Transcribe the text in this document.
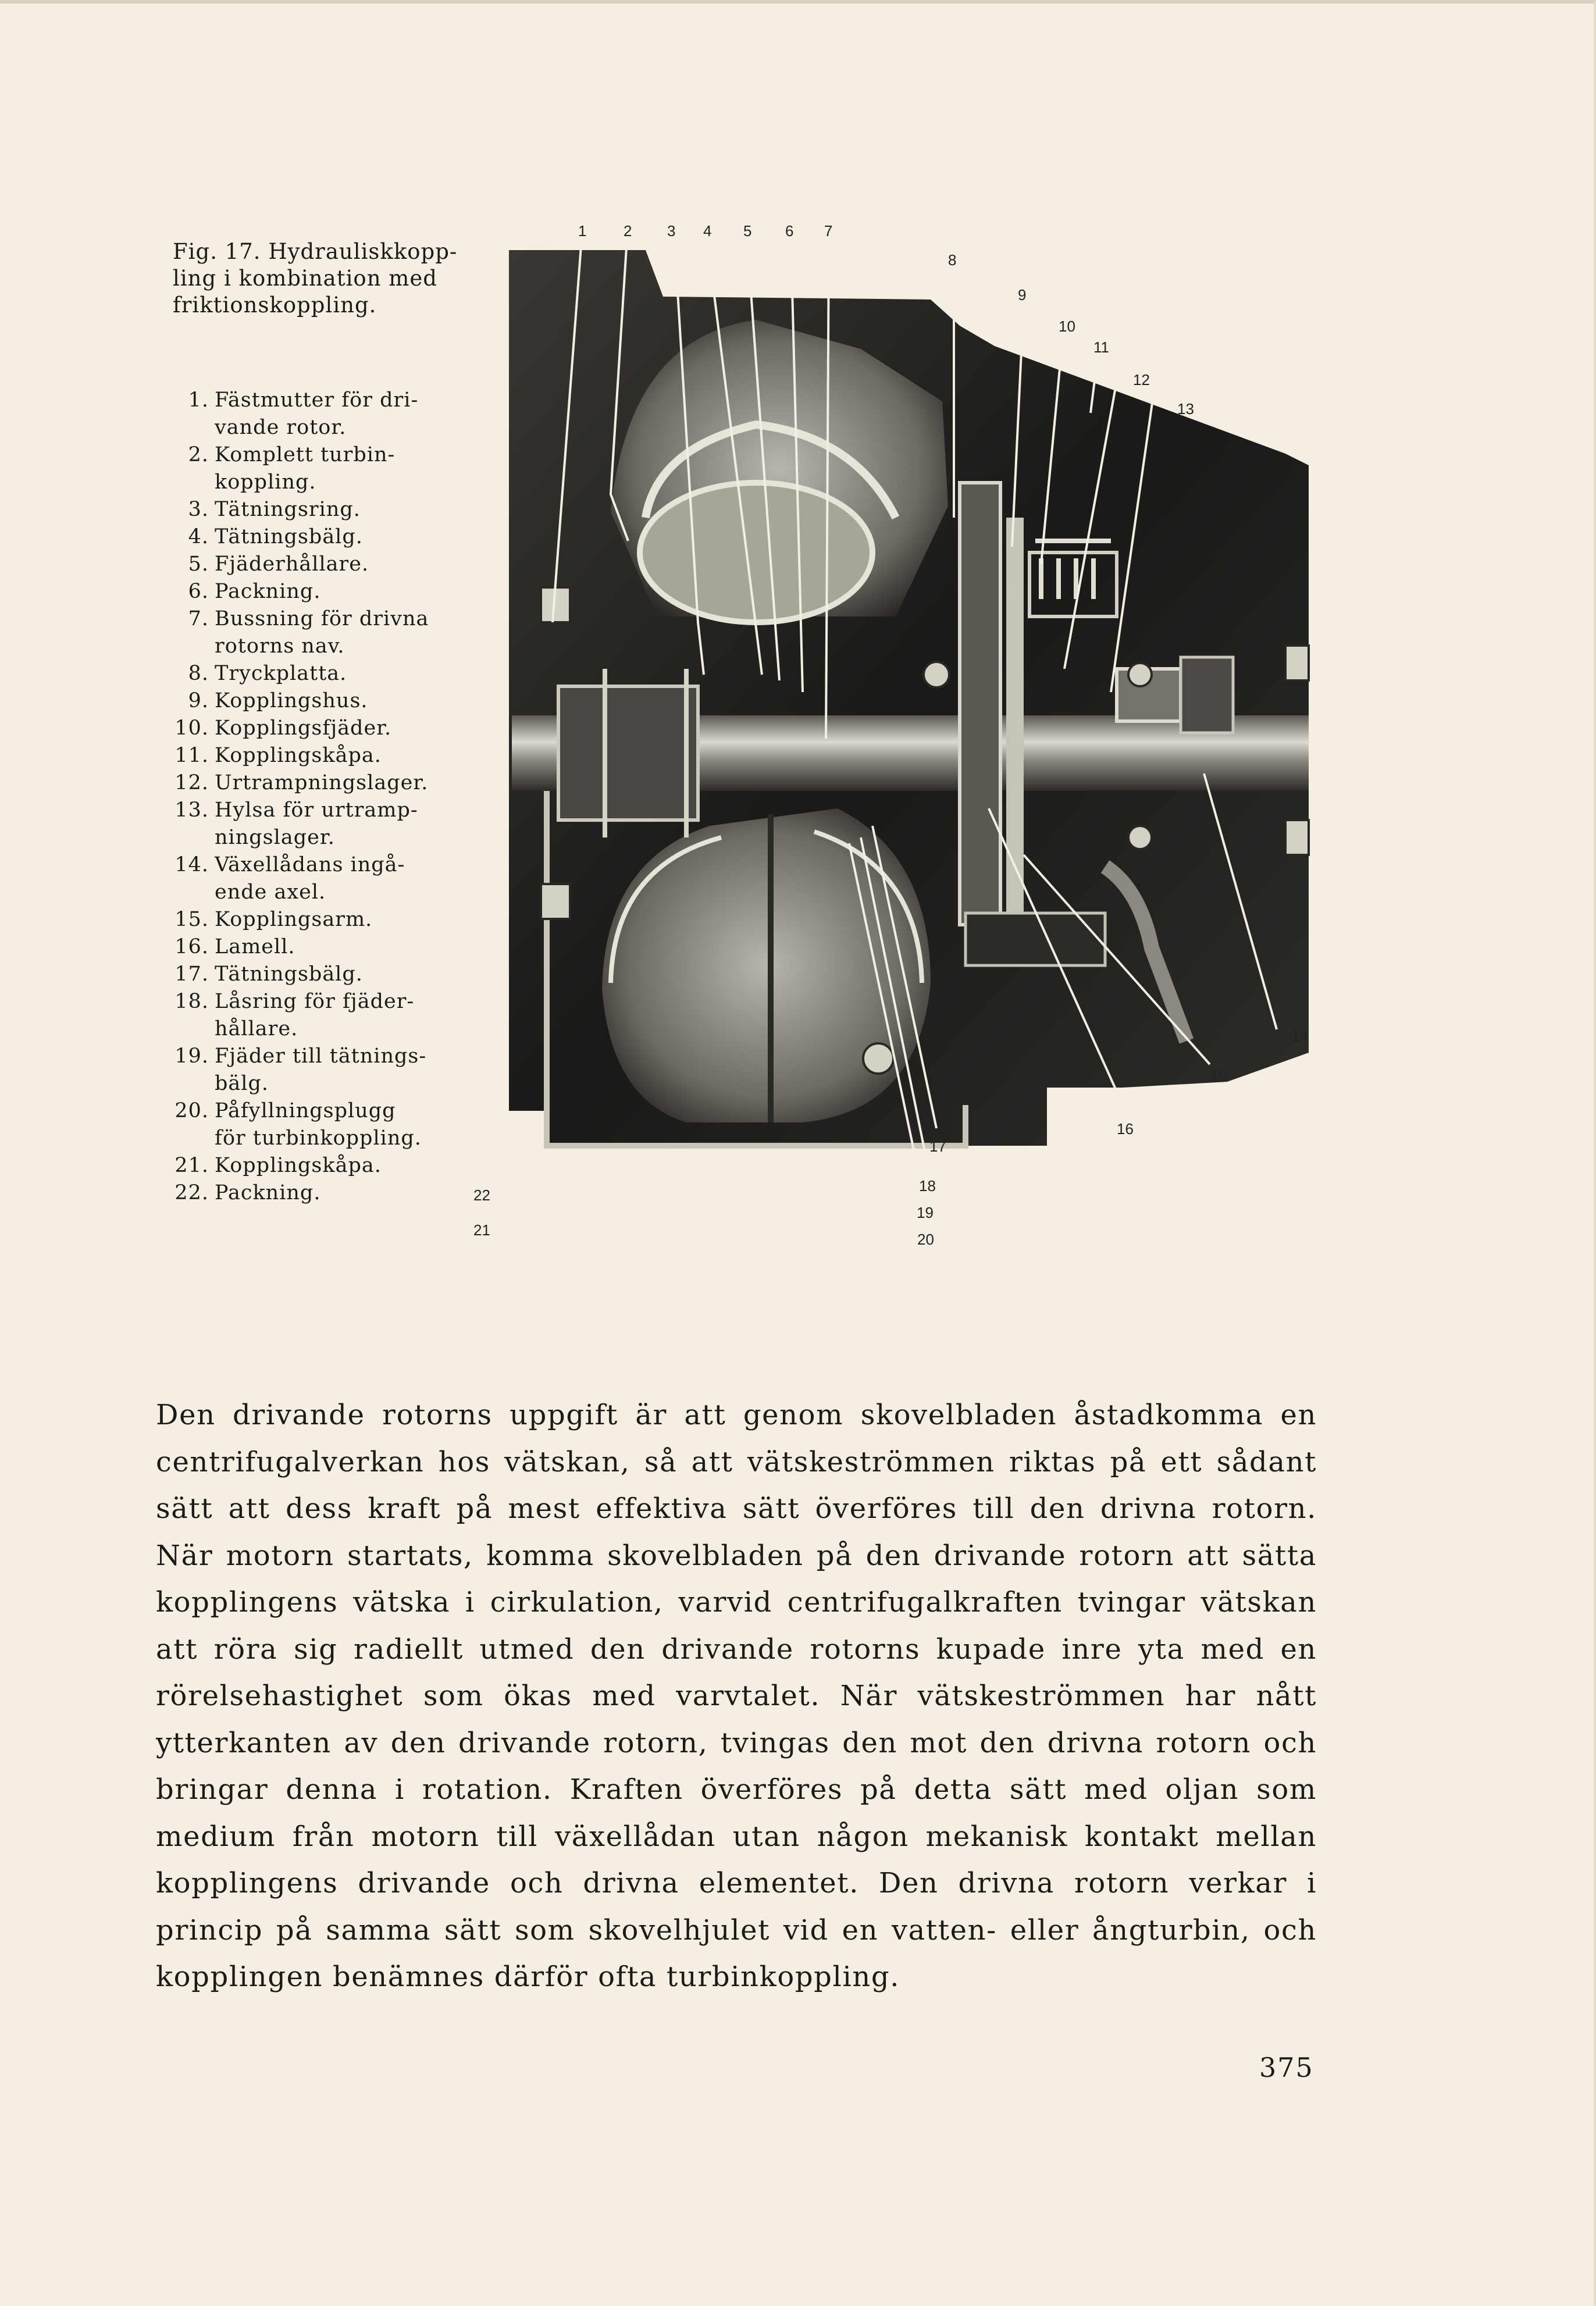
Fig. 17. Hydrauliskkopp-
ling i kombination med
friktionskoppling.
1. Fästmutter för dri-
vande rotor.
2. Komplett turbin-
koppling.
3. Tätningsring.
4. Tätningsbälg.
5. Fjäderhållare.
6. Packning.
7. Bussning för drivna
rotorns nav.
8. Tryckplatta.
9. Kopplingshus.
10. Kopplingsfjäder.
11. Kopplingskåpa.
12. Urtrampningslager.
13. Hylsa för urtramp-
ningslager.
14. Växellådans ingå-
ende axel.
15. Kopplingsarm.
16. Lamell.
17. Tätningsbälg.
18. Låsring för fjäder-
hållare.
19. Fjäder till tätnings-
bälg.
20. Påfyllningsplugg
för turbinkoppling.
21. Kopplingskåpa.
22. Packning.
1 2 3 4 5 6 7
8
9
10
11
12
13
14
15
16
17
18
19
20
21
22

Den drivande rotorns uppgift är att genom skovelbladen åstadkomma en centrifugalverkan hos vätskan, så att vätskeströmmen riktas på ett sådant sätt att dess kraft på mest effektiva sätt överföres till den drivna rotorn. När motorn startats, komma skovelbladen på den drivande rotorn att sätta kopplingens vätska i cirkulation, varvid centrifugalkraften tvingar vätskan att röra sig radiellt utmed den drivande rotorns kupade inre yta med en rörelsehastighet som ökas med varvtalet. När vätskeströmmen har nått ytterkanten av den drivande rotorn, tvingas den mot den drivna rotorn och bringar denna i rotation. Kraften överföres på detta sätt med oljan som medium från motorn till växellådan utan någon mekanisk kontakt mellan kopplingens drivande och drivna elementet. Den drivna rotorn verkar i princip på samma sätt som skovelhjulet vid en vatten- eller ångturbin, och kopplingen benämnes därför ofta turbinkoppling.

375
